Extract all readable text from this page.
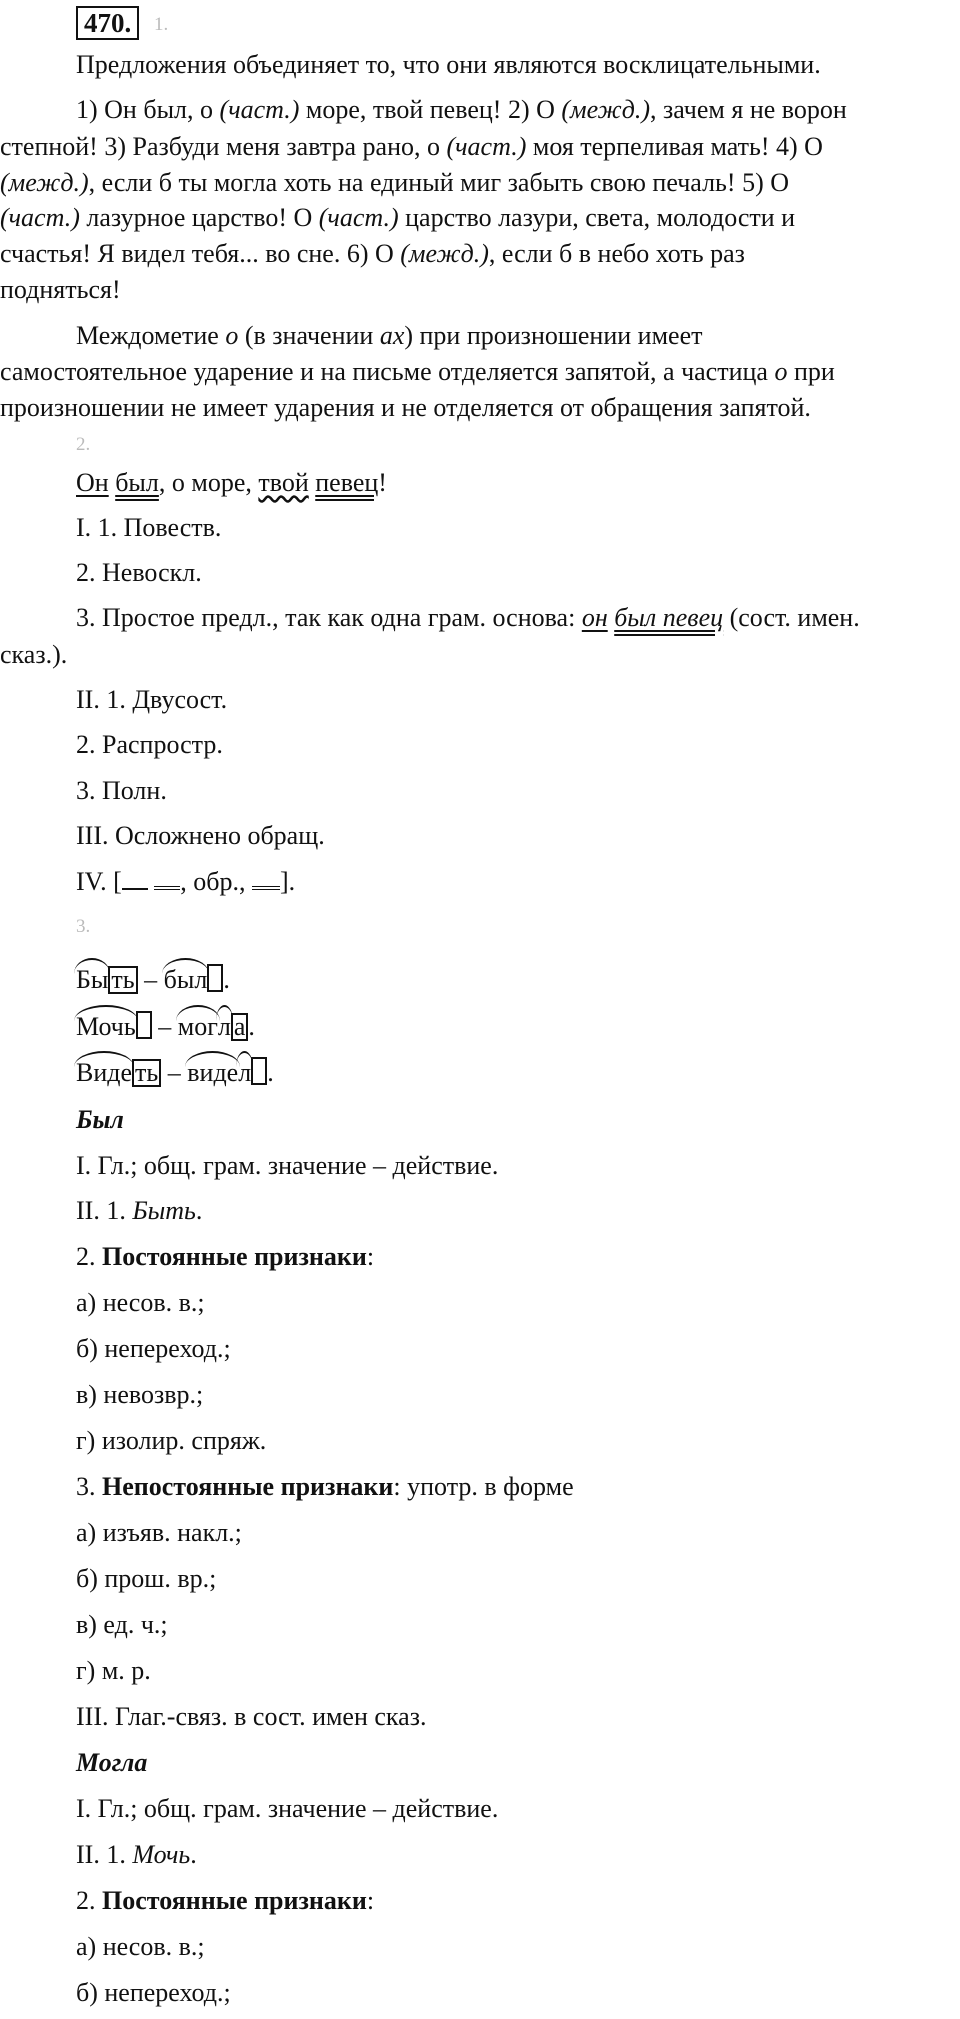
470.	1.
Предложения объединяет то, что они являются восклицательными.
1) Он был, о (част.) море, твой певец! 2) О (межд.), зачем я не ворон
степной! 3) Разбуди меня завтра рано, о (част.) моя терпеливая мать! 4) О
(межд.), если б ты могла хоть на единый миг забыть свою печаль! 5) О
(част.) лазурное царство! О (част.) царство лазури, света, молодости и
счастья! Я видел тебя... во сне. 6) О (межд.), если б в небо хоть раз
подняться!
Междометие о (в значении ах) при произношении имеет
самостоятельное ударение и на письме отделяется запятой, а частица о при
произношении не имеет ударения и не отделяется от обращения запятой.
2.
Он был, о море, твой певец!
I. 1. Повеств.
2. Невоскл.
3. Простое предл., так как одна грам. основа: он был певец (сост. имен.
сказ.).
II. 1. Двусост.
2. Распростр.
3. Полн.
III. Осложнено обращ.
IV. [ , обр., ].
3.
Бы ть – был .
Мочь – могл а .
Виде ть – видел .
Был
I. Гл.; общ. грам. значение – действие.
II. 1. Быть.
2. Постоянные признаки:
а) несов. в.;
б) непереход.;
в) невозвр.;
г) изолир. спряж.
3. Непостоянные признаки: употр. в форме
а) изъяв. накл.;
б) прош. вр.;
в) ед. ч.;
г) м. р.
III. Глаг.-связ. в сост. имен сказ.
Могла
I. Гл.; общ. грам. значение – действие.
II. 1. Мочь.
2. Постоянные признаки:
а) несов. в.;
б) непереход.;
